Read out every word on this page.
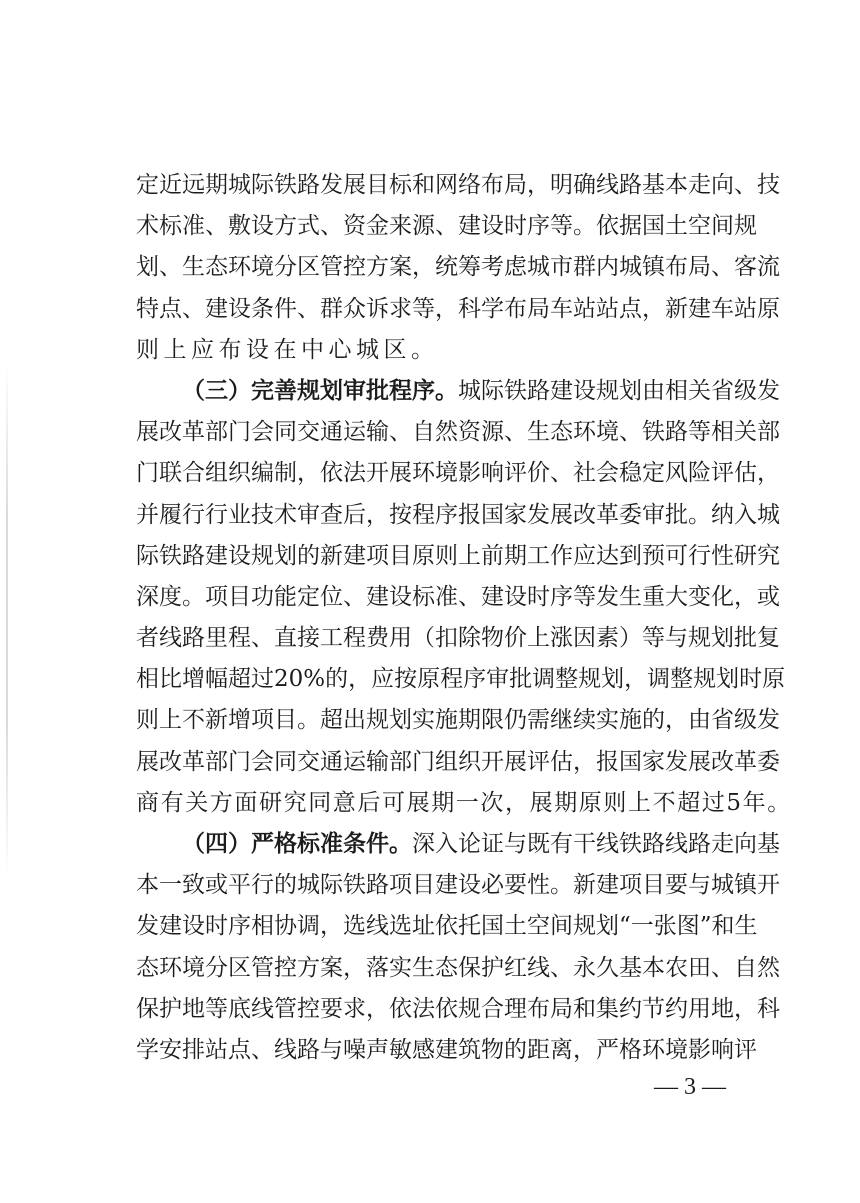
定近远期城际铁路发展目标和网络布局，明确线路基本走向、技
术标准、敷设方式、资金来源、建设时序等。依据国土空间规
划、生态环境分区管控方案，统筹考虑城市群内城镇布局、客流
特点、建设条件、群众诉求等，科学布局车站站点，新建车站原
则上应布设在中心城区。
（三）完善规划审批程序。城际铁路建设规划由相关省级发
展改革部门会同交通运输、自然资源、生态环境、铁路等相关部
门联合组织编制，依法开展环境影响评价、社会稳定风险评估，
并履行行业技术审查后，按程序报国家发展改革委审批。纳入城
际铁路建设规划的新建项目原则上前期工作应达到预可行性研究
深度。项目功能定位、建设标准、建设时序等发生重大变化，或
者线路里程、直接工程费用（扣除物价上涨因素）等与规划批复
相比增幅超过20%的，应按原程序审批调整规划，调整规划时原
则上不新增项目。超出规划实施期限仍需继续实施的，由省级发
展改革部门会同交通运输部门组织开展评估，报国家发展改革委
商有关方面研究同意后可展期一次，展期原则上不超过5年。
（四）严格标准条件。深入论证与既有干线铁路线路走向基
本一致或平行的城际铁路项目建设必要性。新建项目要与城镇开
发建设时序相协调，选线选址依托国土空间规划“一张图”和生
态环境分区管控方案，落实生态保护红线、永久基本农田、自然
保护地等底线管控要求，依法依规合理布局和集约节约用地，科
学安排站点、线路与噪声敏感建筑物的距离，严格环境影响评
— 3 —
